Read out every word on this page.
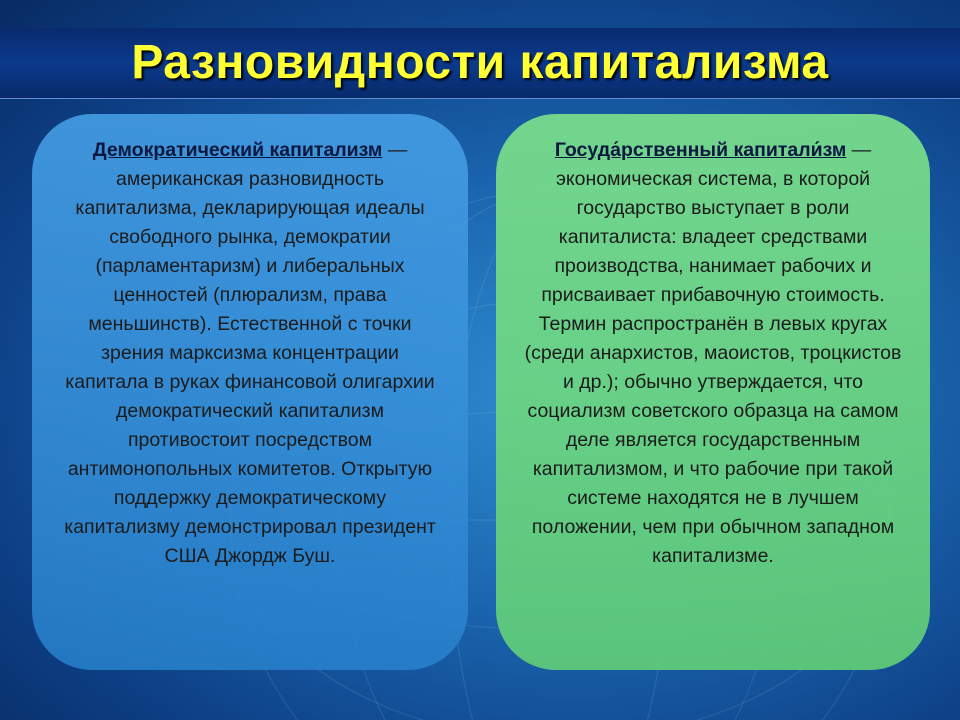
Разновидности капитализма
Демократический капитализм — американская разновидность капитализма, декларирующая идеалы свободного рынка, демократии (парламентаризм) и либеральных ценностей (плюрализм, права меньшинств). Естественной с точки зрения марксизма концентрации капитала в руках финансовой олигархии демократический капитализм противостоит посредством антимонопольных комитетов. Открытую поддержку демократическому капитализму демонстрировал президент США Джордж Буш.
Госуда́рственный капитали́зм — экономическая система, в которой государство выступает в роли капиталиста: владеет средствами производства, нанимает рабочих и присваивает прибавочную стоимость. Термин распространён в левых кругах (среди анархистов, маоистов, троцкистов и др.); обычно утверждается, что социализм советского образца на самом деле является государственным капитализмом, и что рабочие при такой системе находятся не в лучшем положении, чем при обычном западном капитализме.
